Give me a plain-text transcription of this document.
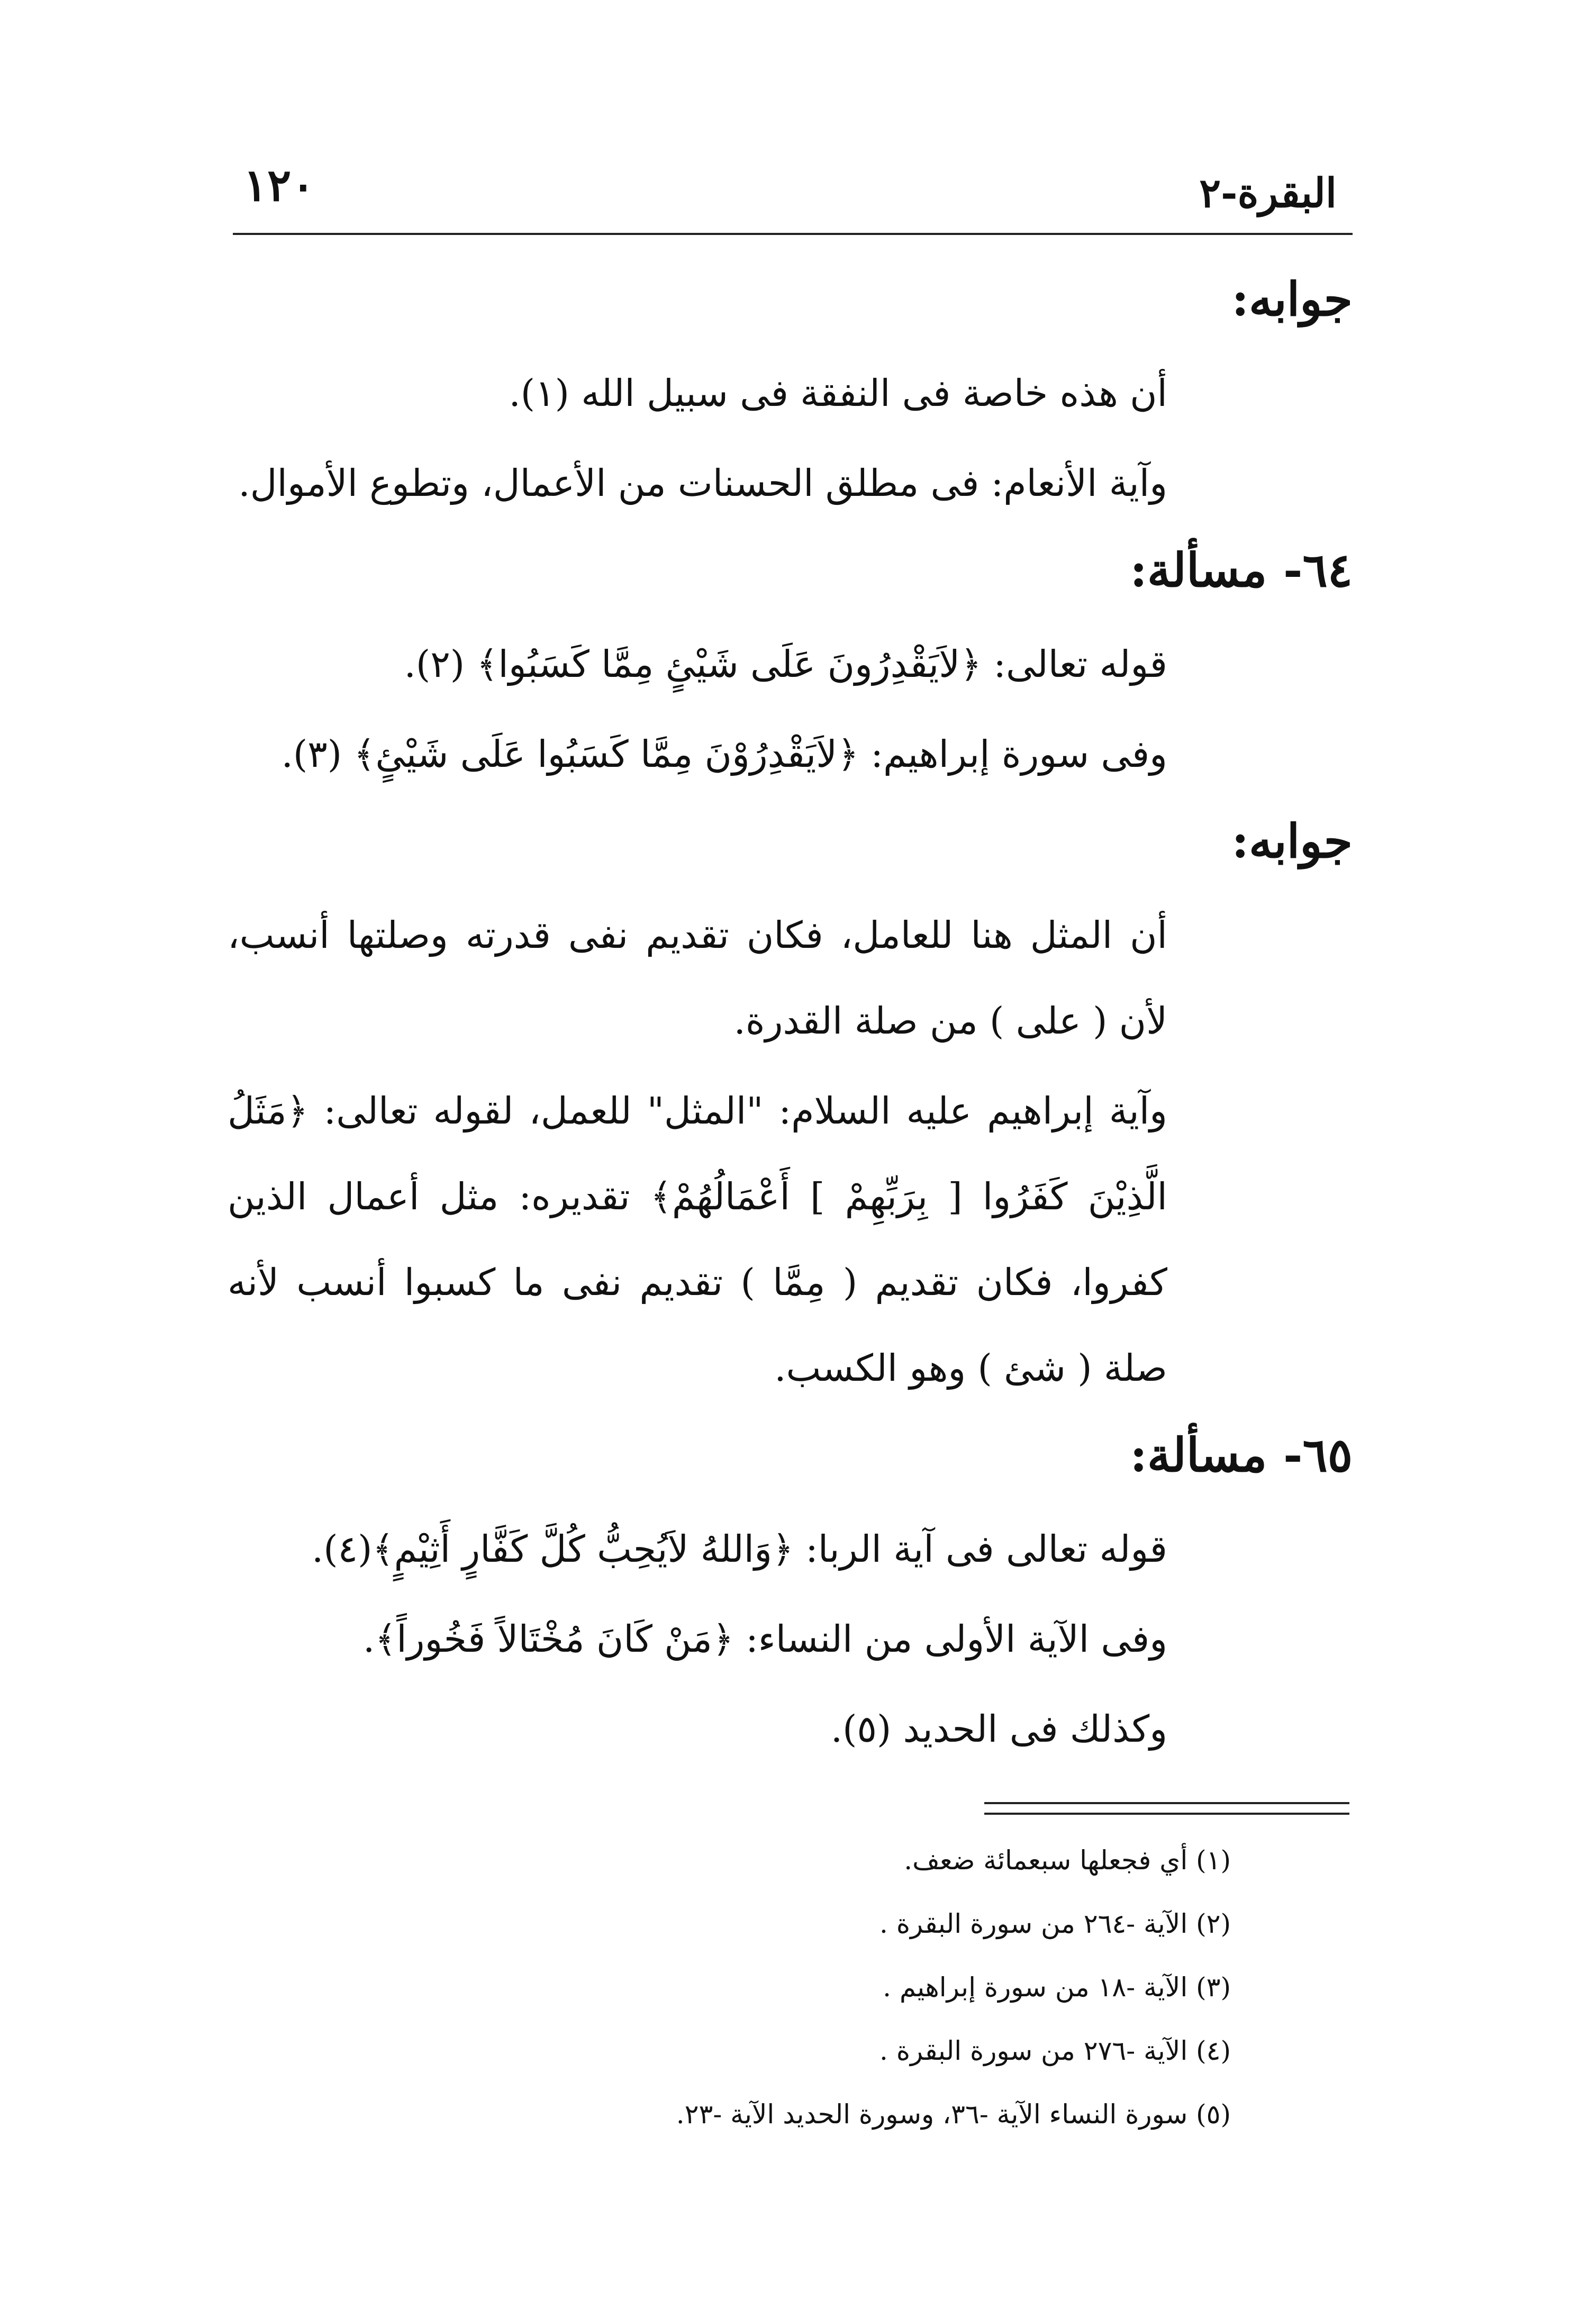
البقرة-٢
١٢٠
جوابه:

أن هذه خاصة فى النفقة فى سبيل الله (١).

وآية الأنعام: فى مطلق الحسنات من الأعمال، وتطوع الأموال.

٦٤- مسألة:

قوله تعالى: ﴿لاَيَقْدِرُونَ عَلَى شَيْئٍ مِمَّا كَسَبُوا﴾ (٢).

وفى سورة إبراهيم: ﴿لاَيَقْدِرُوْنَ مِمَّا كَسَبُوا عَلَى شَيْئٍ﴾ (٣).

جوابه:

أن المثل هنا للعامل، فكان تقديم نفى قدرته وصلتها أنسب، لأن ( على ) من صلة القدرة.

وآية إبراهيم عليه السلام: "المثل" للعمل، لقوله تعالى: ﴿مَثَلُ الَّذِيْنَ كَفَرُوا [ بِرَبِّهِمْ ] أَعْمَالُهُمْ﴾ تقديره: مثل أعمال الذين كفروا، فكان تقديم ( مِمَّا ) تقديم نفى ما كسبوا أنسب لأنه صلة ( شئ ) وهو الكسب.

٦٥- مسألة:

قوله تعالى فى آية الربا: ﴿وَاللهُ لاَيُحِبُّ كُلَّ كَفَّارٍ أَثِيْمٍ﴾(٤).

وفى الآية الأولى من النساء: ﴿مَنْ كَانَ مُخْتَالاً فَخُوراً﴾.

وكذلك فى الحديد (٥).

(١) أي فجعلها سبعمائة ضعف.

(٢) الآية -٢٦٤ من سورة البقرة .

(٣) الآية -١٨ من سورة إبراهيم .

(٤) الآية -٢٧٦ من سورة البقرة .

(٥) سورة النساء الآية -٣٦، وسورة الحديد الآية -٢٣.
